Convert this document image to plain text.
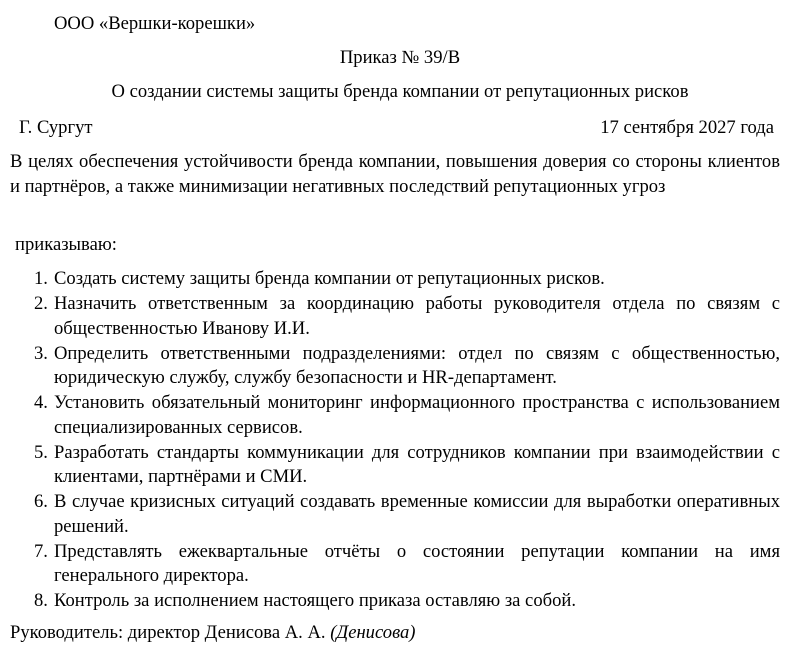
ООО «Вершки-корешки»
Приказ № 39/В
О создании системы защиты бренда компании от репутационных рисков
Г. Сургут	17 сентября 2027 года
В целях обеспечения устойчивости бренда компании, повышения доверия со стороны клиентов и партнёров, а также минимизации негативных последствий репутационных угроз
приказываю:
1. Создать систему защиты бренда компании от репутационных рисков.
2. Назначить ответственным за координацию работы руководителя отдела по связям с общественностью Иванову И.И.
3. Определить ответственными подразделениями: отдел по связям с общественностью, юридическую службу, службу безопасности и HR-департамент.
4. Установить обязательный мониторинг информационного пространства с использованием специализированных сервисов.
5. Разработать стандарты коммуникации для сотрудников компании при взаимодействии с клиентами, партнёрами и СМИ.
6. В случае кризисных ситуаций создавать временные комиссии для выработки оперативных решений.
7. Представлять ежеквартальные отчёты о состоянии репутации компании на имя генерального директора.
8. Контроль за исполнением настоящего приказа оставляю за собой.
Руководитель: директор Денисова А. А. (Денисова)
